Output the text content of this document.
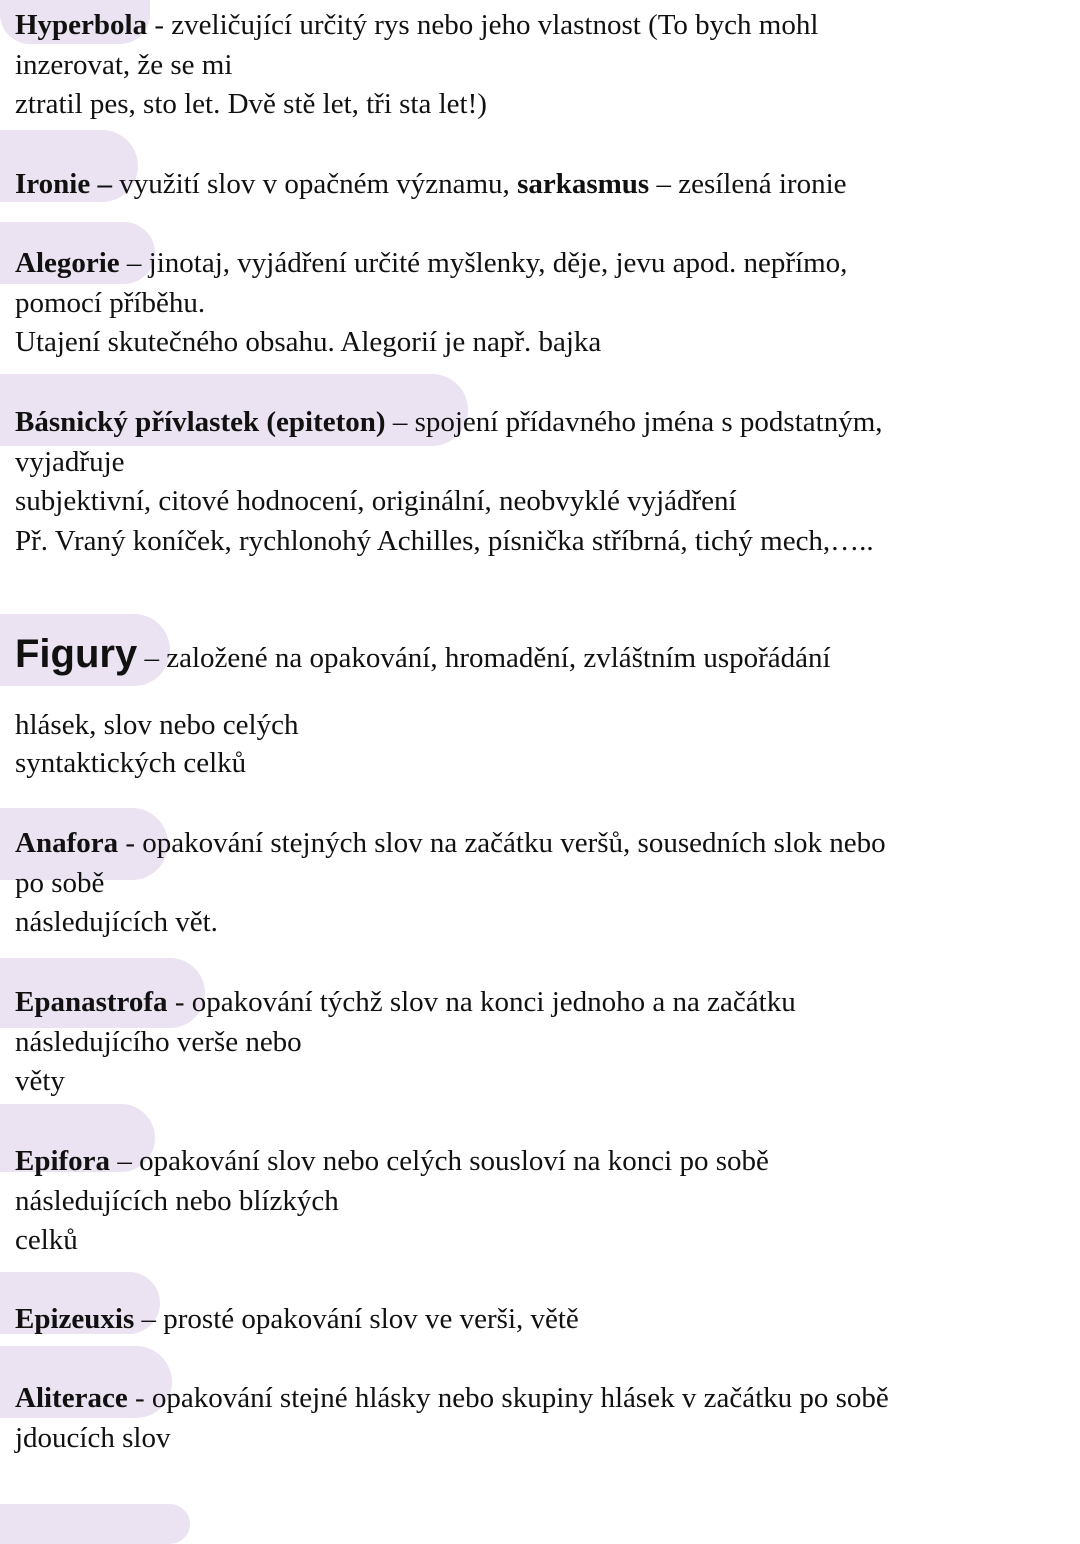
Hyperbola - zveličující určitý rys nebo jeho vlastnost (To bych mohl
inzerovat, že se mi
ztratil pes, sto let. Dvě stě let, tři sta let!)
Ironie – využití slov v opačném významu, sarkasmus – zesílená ironie
Alegorie – jinotaj, vyjádření určité myšlenky, děje, jevu apod. nepřímo,
pomocí příběhu.
Utajení skutečného obsahu. Alegorií je např. bajka
Básnický přívlastek (epiteton) – spojení přídavného jména s podstatným,
vyjadřuje
subjektivní, citové hodnocení, originální, neobvyklé vyjádření
Př. Vraný koníček, rychlonohý Achilles, písnička stříbrná, tichý mech,…..
Figury – založené na opakování, hromadění, zvláštním uspořádání
hlásek, slov nebo celých
syntaktických celků
Anafora - opakování stejných slov na začátku veršů, sousedních slok nebo
po sobě
následujících vět.
Epanastrofa - opakování týchž slov na konci jednoho a na začátku
následujícího verše nebo
věty
Epifora – opakování slov nebo celých sousloví na konci po sobě
následujících nebo blízkých
celků
Epizeuxis – prosté opakování slov ve verši, větě
Aliterace - opakování stejné hlásky nebo skupiny hlásek v začátku po sobě
jdoucích slov
